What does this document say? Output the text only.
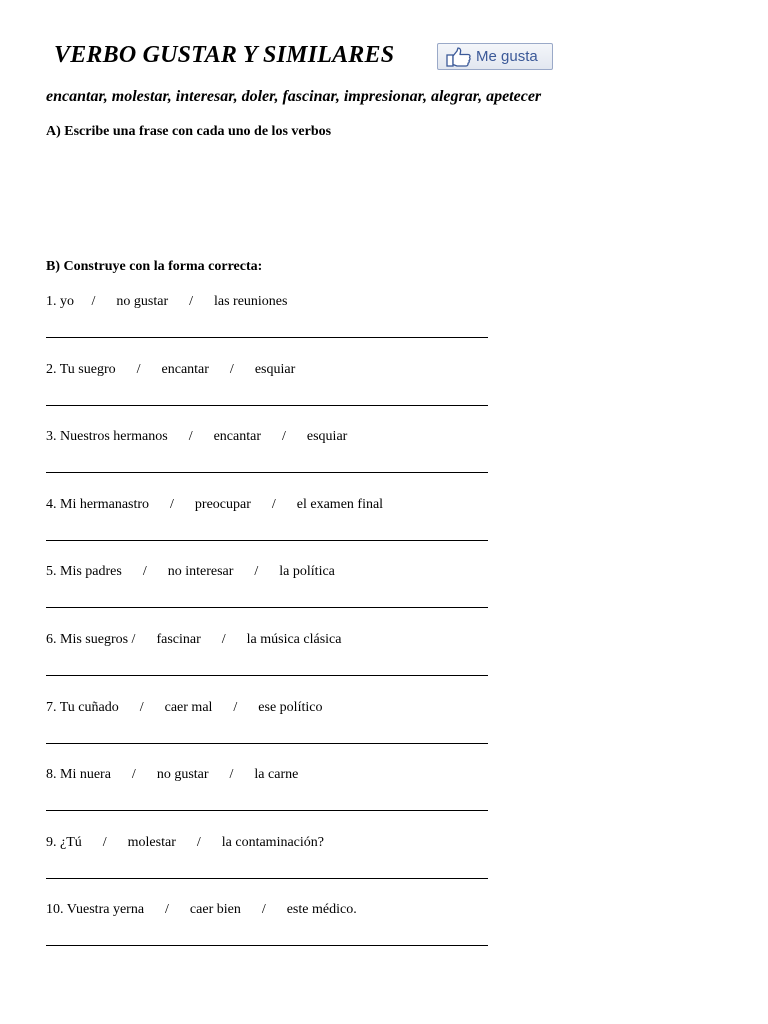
VERBO GUSTAR Y SIMILARES	Me gusta
encantar, molestar, interesar, doler, fascinar, impresionar, alegrar, apetecer
A) Escribe una frase con cada uno de los verbos
B) Construye con la forma correcta:
1. yo     /      no gustar      /      las reuniones
2. Tu suegro      /      encantar      /      esquiar
3. Nuestros hermanos      /      encantar      /      esquiar
4. Mi hermanastro      /      preocupar      /      el examen final
5. Mis padres      /      no interesar      /      la política
6. Mis suegros /      fascinar      /      la música clásica
7. Tu cuñado      /      caer mal      /      ese político
8. Mi nuera      /      no gustar      /      la carne
9. ¿Tú      /      molestar      /      la contaminación?
10. Vuestra yerna      /      caer bien      /      este médico.
